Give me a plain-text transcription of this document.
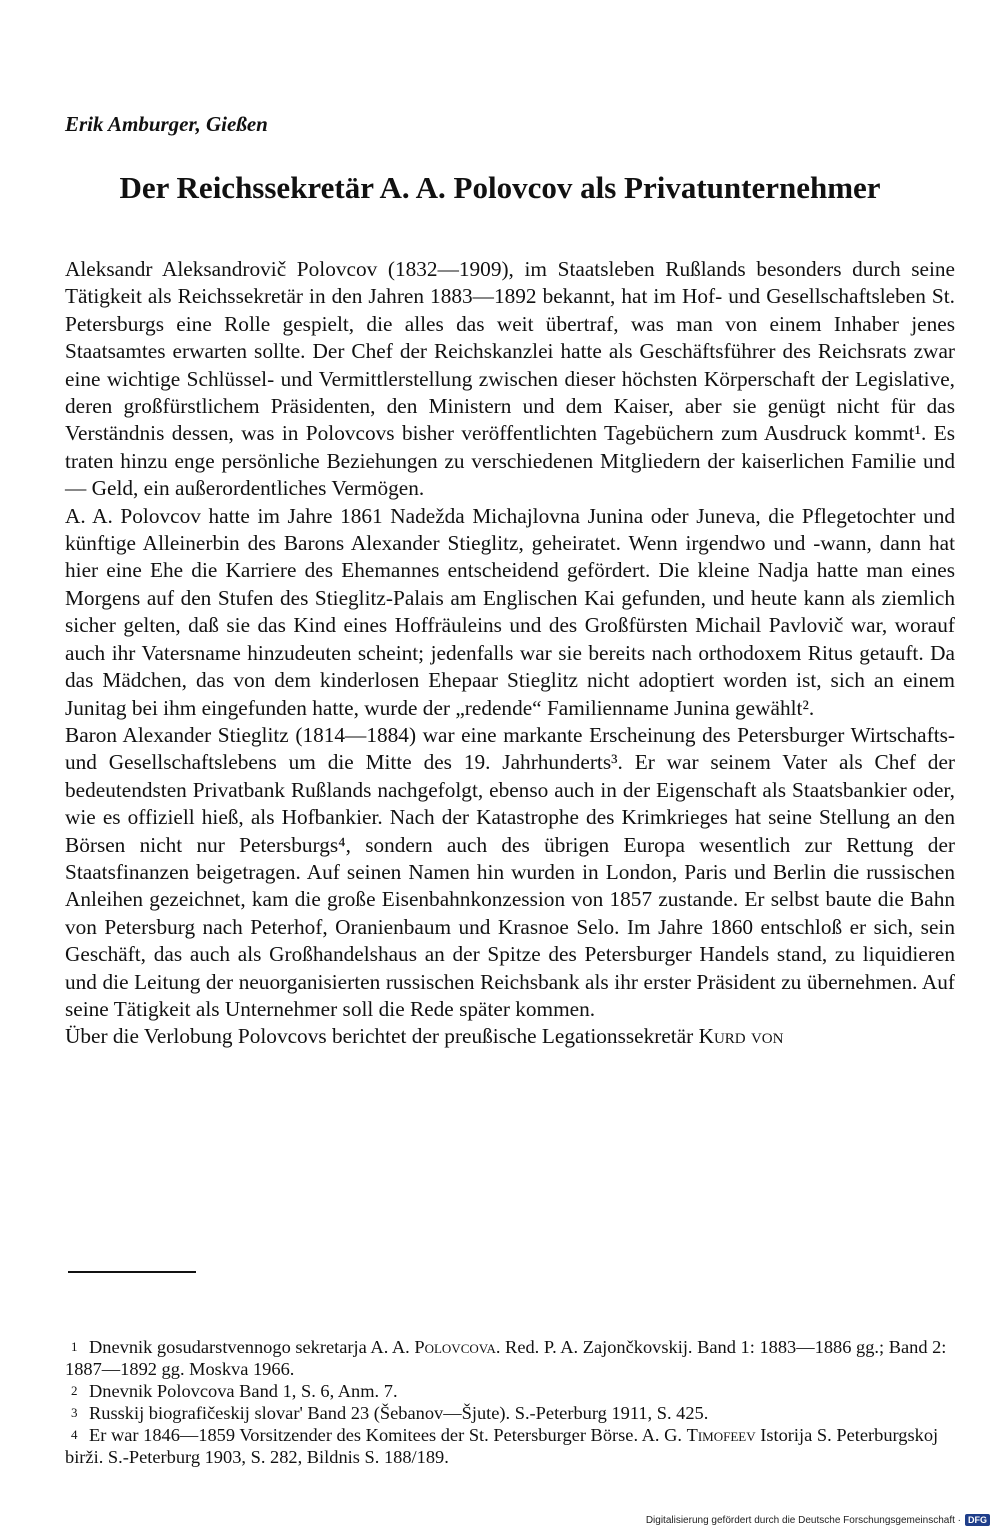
Erik Amburger, Gießen
Der Reichssekretär A. A. Polovcov als Privatunternehmer

Aleksandr Aleksandrovič Polovcov (1832—1909), im Staatsleben Rußlands besonders durch seine Tätigkeit als Reichssekretär in den Jahren 1883—1892 bekannt, hat im Hof- und Gesellschaftsleben St. Petersburgs eine Rolle gespielt, die alles das weit übertraf, was man von einem Inhaber jenes Staatsamtes erwarten sollte. Der Chef der Reichskanzlei hatte als Geschäftsführer des Reichsrats zwar eine wichtige Schlüssel- und Vermittlerstellung zwischen dieser höchsten Körperschaft der Legislative, deren großfürstlichem Präsidenten, den Ministern und dem Kaiser, aber sie genügt nicht für das Verständnis dessen, was in Polovcovs bisher veröffentlichten Tagebüchern zum Ausdruck kommt¹. Es traten hinzu enge persönliche Beziehungen zu verschiedenen Mitgliedern der kaiserlichen Familie und — Geld, ein außerordentliches Vermögen.

A. A. Polovcov hatte im Jahre 1861 Nadežda Michajlovna Junina oder Juneva, die Pflegetochter und künftige Alleinerbin des Barons Alexander Stieglitz, geheiratet. Wenn irgendwo und -wann, dann hat hier eine Ehe die Karriere des Ehemannes entscheidend gefördert. Die kleine Nadja hatte man eines Morgens auf den Stufen des Stieglitz-Palais am Englischen Kai gefunden, und heute kann als ziemlich sicher gelten, daß sie das Kind eines Hoffräuleins und des Großfürsten Michail Pavlovič war, worauf auch ihr Vatersname hinzudeuten scheint; jedenfalls war sie bereits nach orthodoxem Ritus getauft. Da das Mädchen, das von dem kinderlosen Ehepaar Stieglitz nicht adoptiert worden ist, sich an einem Junitag bei ihm eingefunden hatte, wurde der „redende“ Familienname Junina gewählt².

Baron Alexander Stieglitz (1814—1884) war eine markante Erscheinung des Petersburger Wirtschafts- und Gesellschaftslebens um die Mitte des 19. Jahrhunderts³. Er war seinem Vater als Chef der bedeutendsten Privatbank Rußlands nachgefolgt, ebenso auch in der Eigenschaft als Staatsbankier oder, wie es offiziell hieß, als Hofbankier. Nach der Katastrophe des Krimkrieges hat seine Stellung an den Börsen nicht nur Petersburgs⁴, sondern auch des übrigen Europa wesentlich zur Rettung der Staatsfinanzen beigetragen. Auf seinen Namen hin wurden in London, Paris und Berlin die russischen Anleihen gezeichnet, kam die große Eisenbahnkonzession von 1857 zustande. Er selbst baute die Bahn von Petersburg nach Peterhof, Oranienbaum und Krasnoe Selo. Im Jahre 1860 entschloß er sich, sein Geschäft, das auch als Großhandelshaus an der Spitze des Petersburger Handels stand, zu liquidieren und die Leitung der neuorganisierten russischen Reichsbank als ihr erster Präsident zu übernehmen. Auf seine Tätigkeit als Unternehmer soll die Rede später kommen.

Über die Verlobung Polovcovs berichtet der preußische Legationssekretär Kurd von

1 Dnevnik gosudarstvennogo sekretarja A. A. Polovcova. Red. P. A. Zajončkovskij. Band 1: 1883—1886 gg.; Band 2: 1887—1892 gg. Moskva 1966.

2 Dnevnik Polovcova Band 1, S. 6, Anm. 7.

3 Russkij biografičeskij slovar' Band 23 (Šebanov—Šjute). S.-Peterburg 1911, S. 425.

4 Er war 1846—1859 Vorsitzender des Komitees der St. Petersburger Börse. A. G. Timofeev Istorija S. Peterburgskoj birži. S.-Peterburg 1903, S. 282, Bildnis S. 188/189.

Digitalisierung gefördert durch die Deutsche Forschungsgemeinschaft · DFG
